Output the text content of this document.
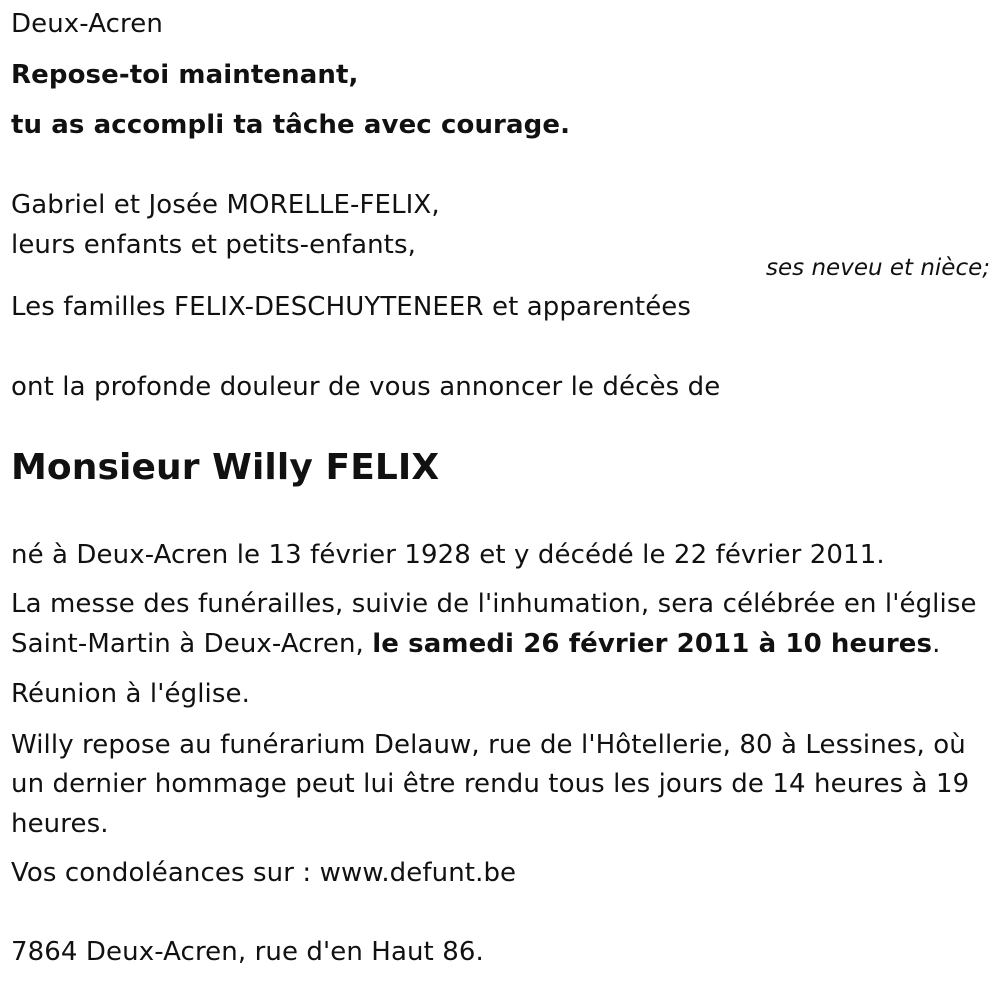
Deux-Acren
Repose-toi maintenant,
tu as accompli ta tâche avec courage.
Gabriel et Josée MORELLE-FELIX,
leurs enfants et petits-enfants,
ses neveu et nièce;
Les familles FELIX-DESCHUYTENEER et apparentées
ont la profonde douleur de vous annoncer le décès de
Monsieur Willy FELIX
né à Deux-Acren le 13 février 1928 et y décédé le 22 février 2011.
La messe des funérailles, suivie de l'inhumation, sera célébrée en l'église
Saint-Martin à Deux-Acren, le samedi 26 février 2011 à 10 heures.
Réunion à l'église.
Willy repose au funérarium Delauw, rue de l'Hôtellerie, 80 à Lessines, où
un dernier hommage peut lui être rendu tous les jours de 14 heures à 19
heures.
Vos condoléances sur : www.defunt.be
7864 Deux-Acren, rue d'en Haut 86.
